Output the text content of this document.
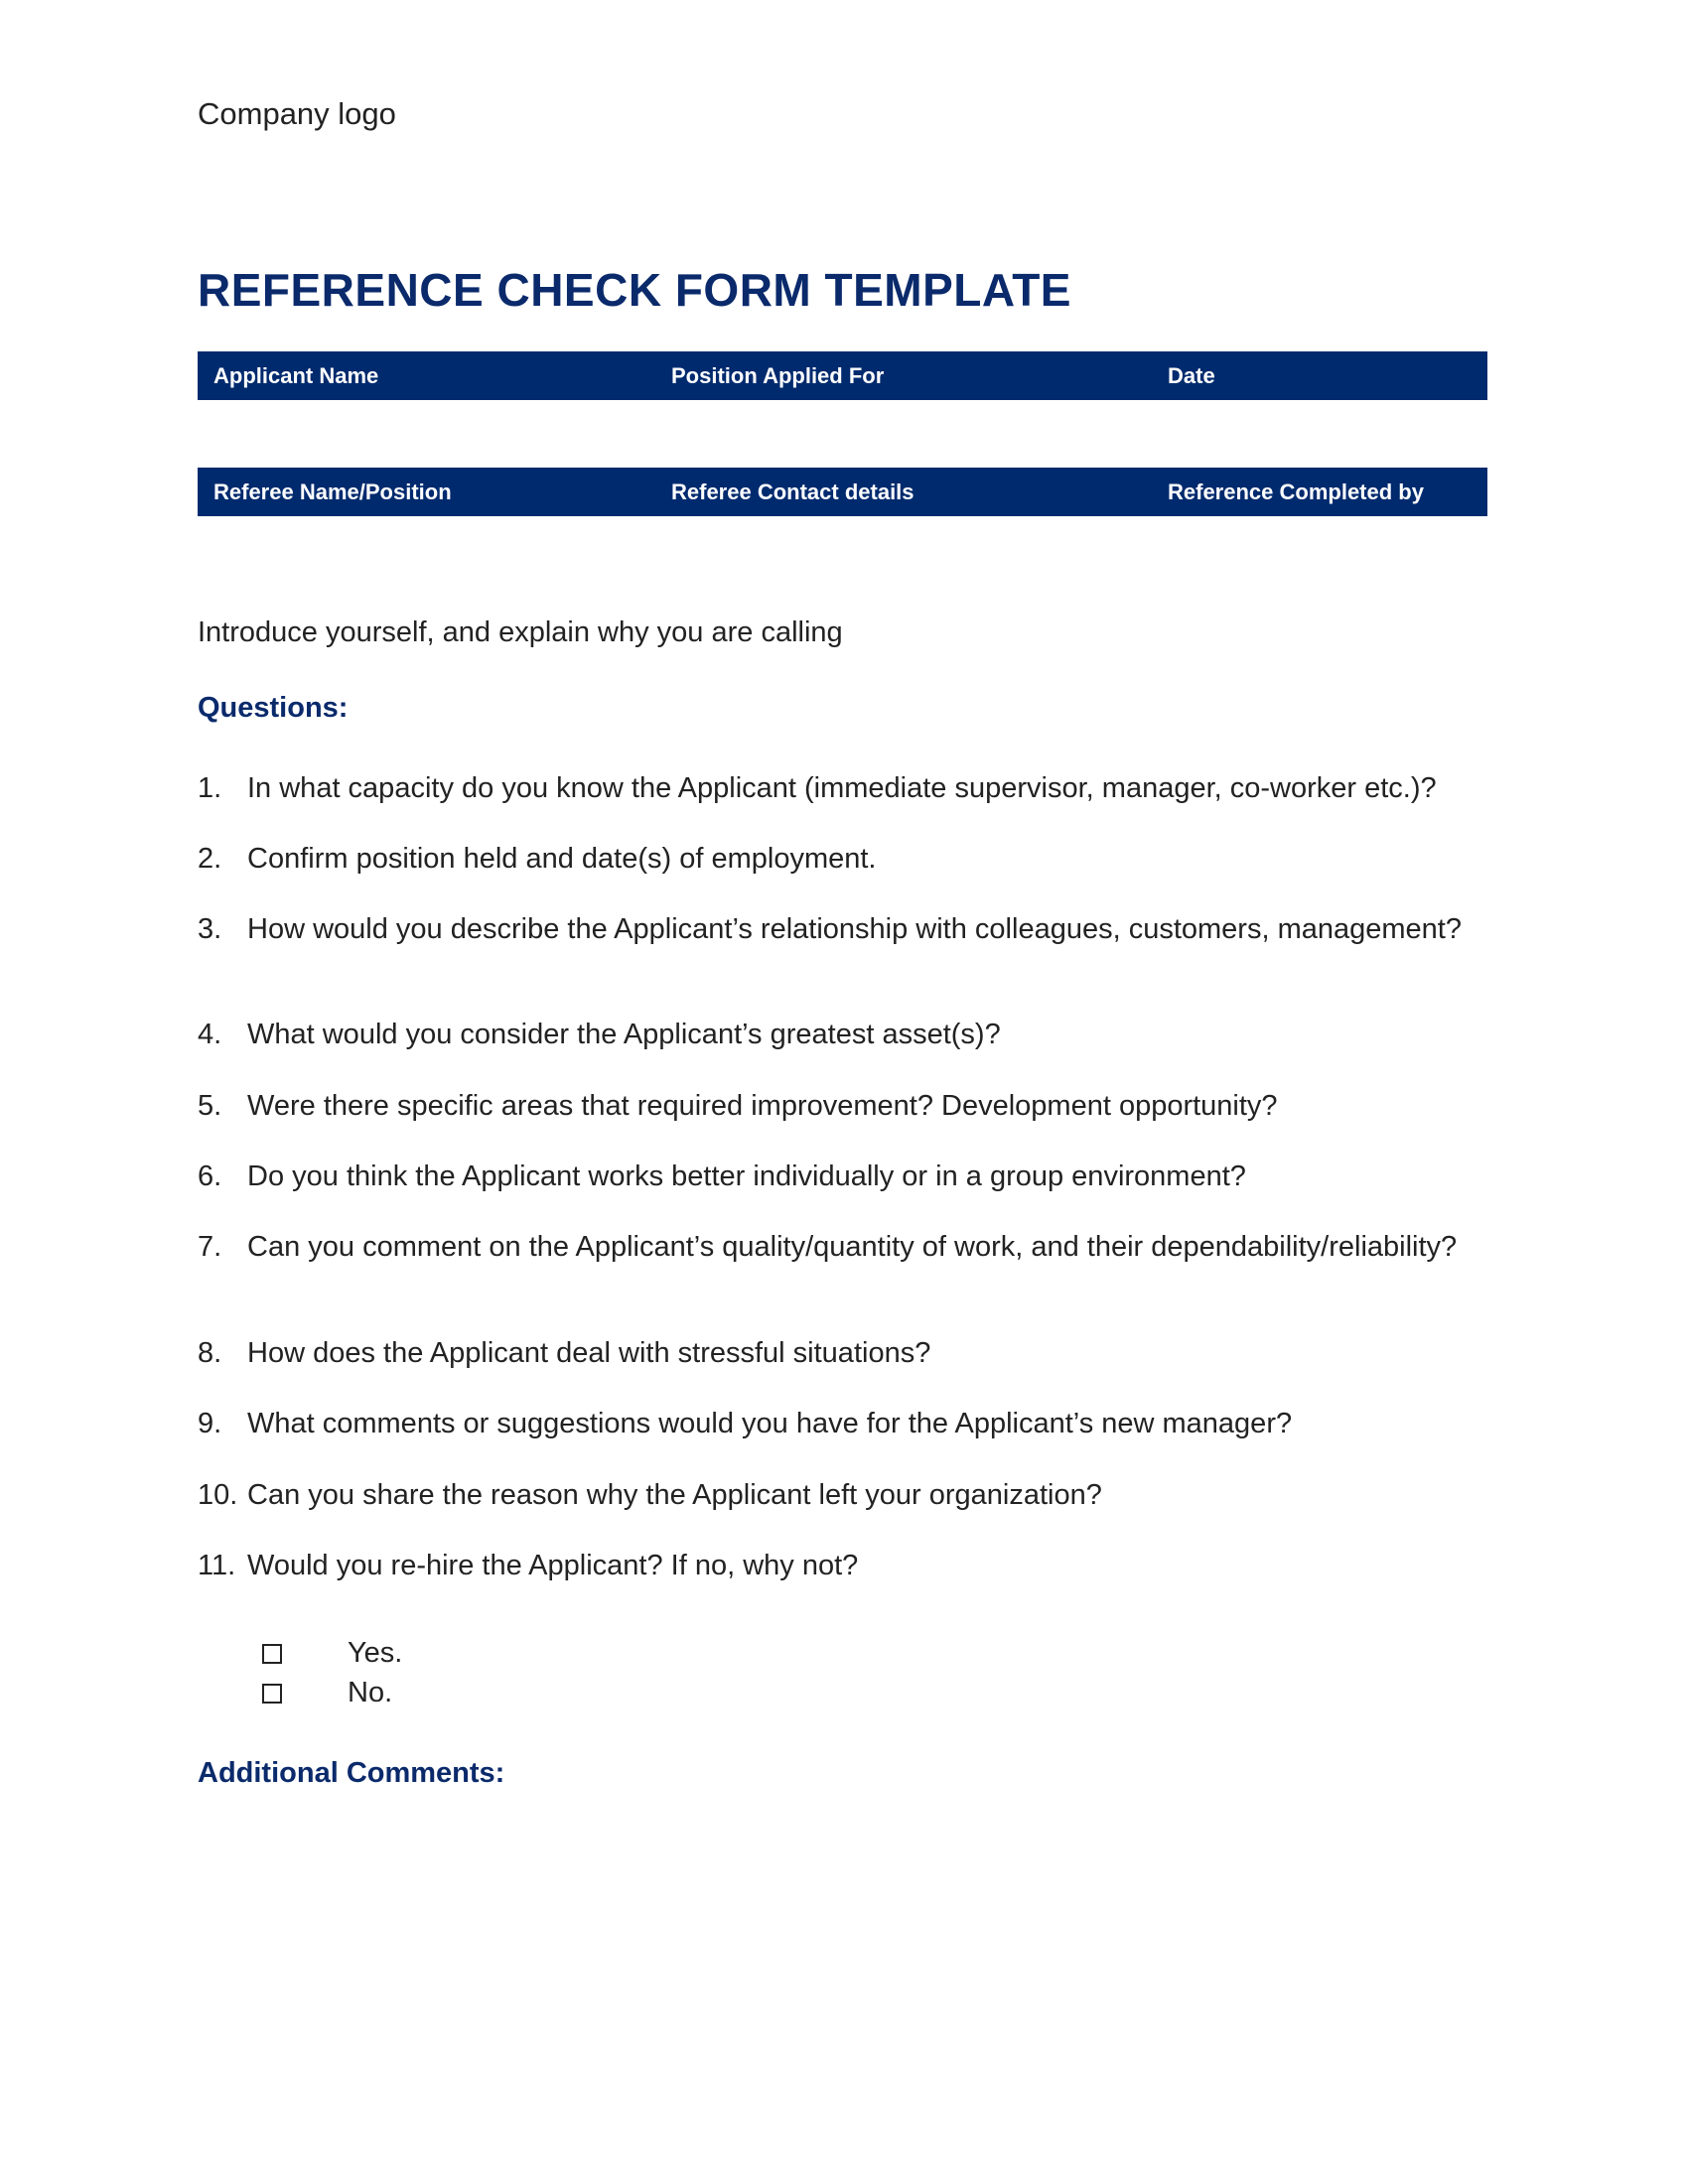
Company logo
REFERENCE CHECK FORM TEMPLATE
Applicant Name	Position Applied For	Date
Referee Name/Position	Referee Contact details	Reference Completed by
Introduce yourself, and explain why you are calling
Questions:
1. In what capacity do you know the Applicant (immediate supervisor, manager, co-worker etc.)?
2. Confirm position held and date(s) of employment.
3. How would you describe the Applicant’s relationship with colleagues, customers, management?
4. What would you consider the Applicant’s greatest asset(s)?
5. Were there specific areas that required improvement? Development opportunity?
6. Do you think the Applicant works better individually or in a group environment?
7. Can you comment on the Applicant’s quality/quantity of work, and their dependability/reliability?
8. How does the Applicant deal with stressful situations?
9. What comments or suggestions would you have for the Applicant’s new manager?
10. Can you share the reason why the Applicant left your organization?
11. Would you re-hire the Applicant? If no, why not?
Yes.
No.
Additional Comments:
